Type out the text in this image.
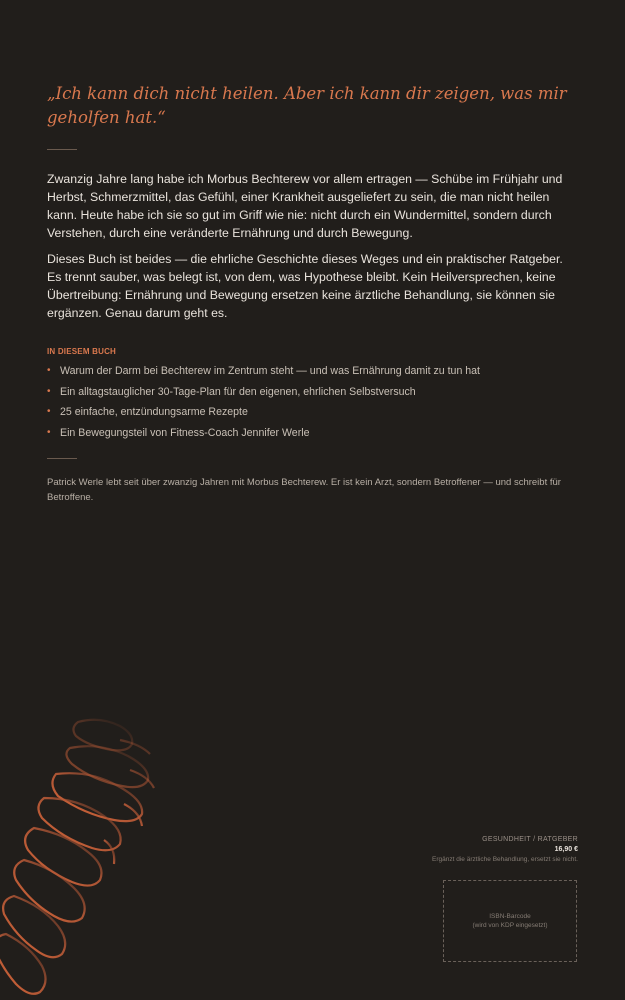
„Ich kann dich nicht heilen. Aber ich kann dir zeigen, was mir geholfen hat.“

Zwanzig Jahre lang habe ich Morbus Bechterew vor allem ertragen — Schübe im Frühjahr und Herbst, Schmerzmittel, das Gefühl, einer Krankheit ausgeliefert zu sein, die man nicht heilen kann. Heute habe ich sie so gut im Griff wie nie: nicht durch ein Wundermittel, sondern durch Verstehen, durch eine veränderte Ernährung und durch Bewegung.

Dieses Buch ist beides — die ehrliche Geschichte dieses Weges und ein praktischer Ratgeber. Es trennt sauber, was belegt ist, von dem, was Hypothese bleibt. Kein Heilversprechen, keine Übertreibung: Ernährung und Bewegung ersetzen keine ärztliche Behandlung, sie können sie ergänzen. Genau darum geht es.

IN DIESEM BUCH

• Warum der Darm bei Bechterew im Zentrum steht — und was Ernährung damit zu tun hat
• Ein alltagstauglicher 30-Tage-Plan für den eigenen, ehrlichen Selbstversuch
• 25 einfache, entzündungsarme Rezepte
• Ein Bewegungsteil von Fitness-Coach Jennifer Werle

Patrick Werle lebt seit über zwanzig Jahren mit Morbus Bechterew. Er ist kein Arzt, sondern Betroffener — und schreibt für Betroffene.

GESUNDHEIT / RATGEBER
16,90 €
Ergänzt die ärztliche Behandlung, ersetzt sie nicht.
ISBN-Barcode
(wird von KDP eingesetzt)
